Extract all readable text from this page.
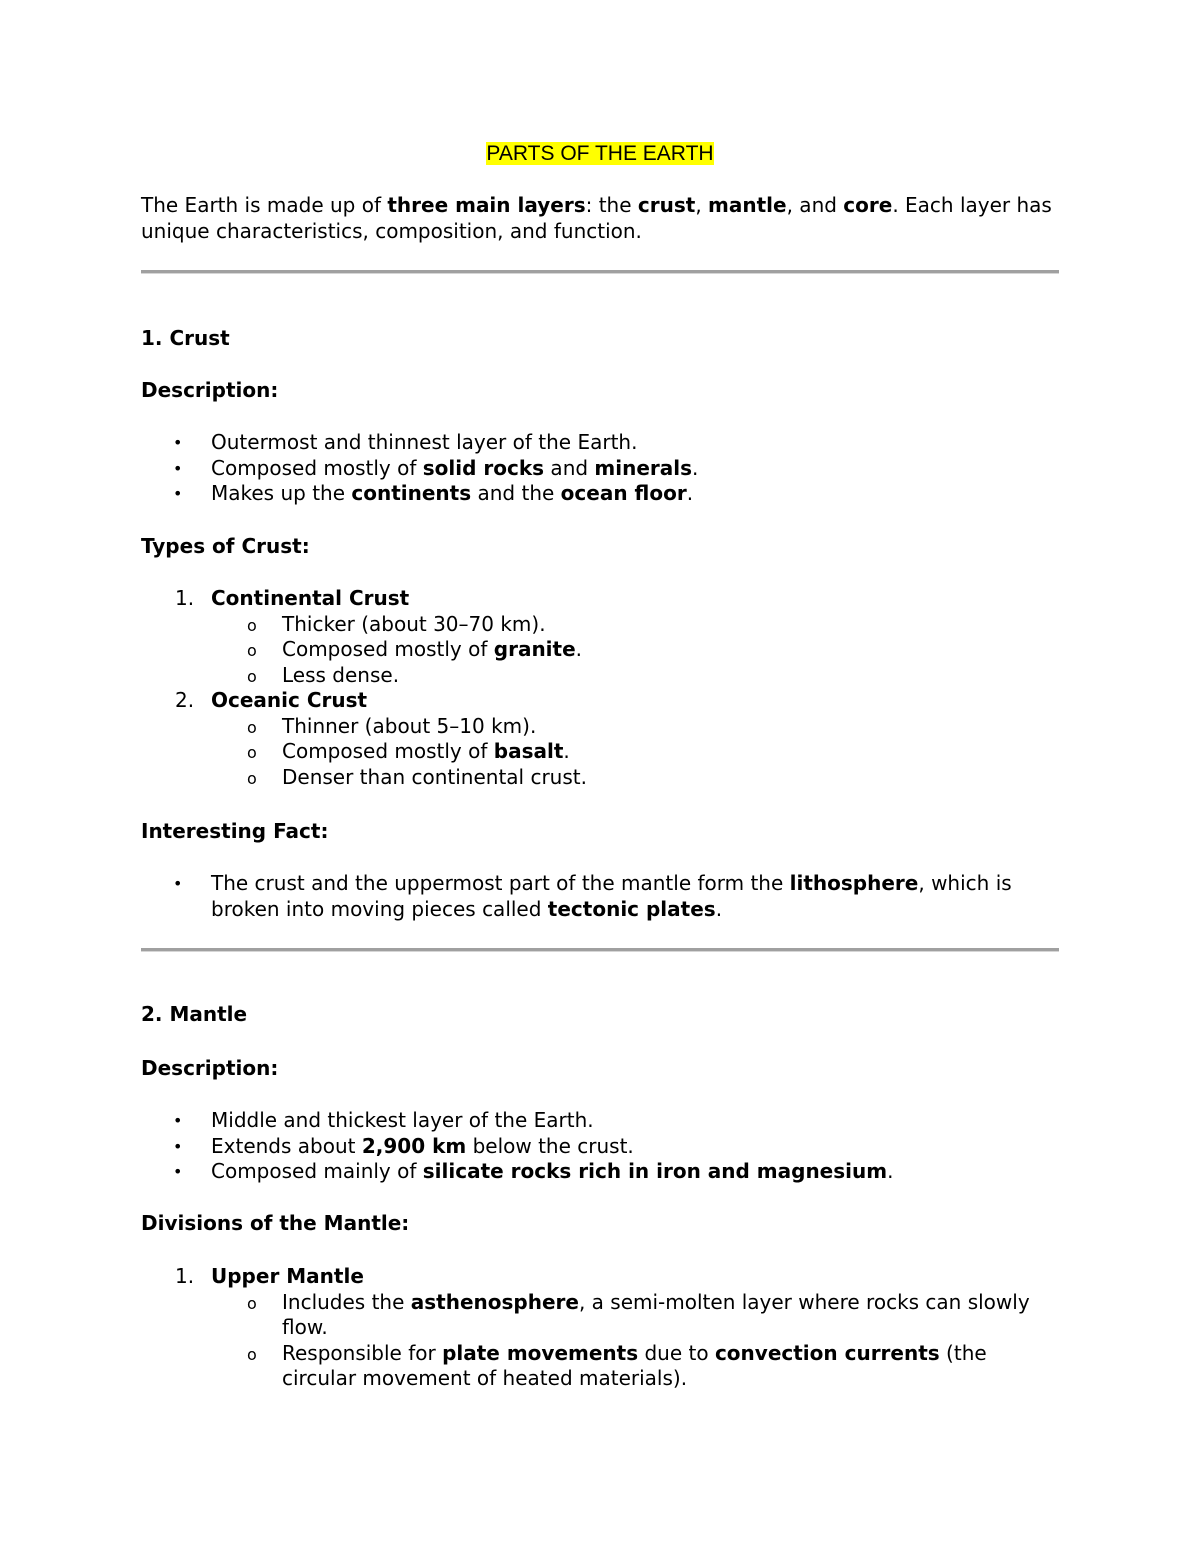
PARTS OF THE EARTH
The Earth is made up of three main layers: the crust, mantle, and core. Each layer has unique characteristics, composition, and function.
1. Crust
Description:
• Outermost and thinnest layer of the Earth.
• Composed mostly of solid rocks and minerals.
• Makes up the continents and the ocean floor.
Types of Crust:
1. Continental Crust
o Thicker (about 30–70 km).
o Composed mostly of granite.
o Less dense.
2. Oceanic Crust
o Thinner (about 5–10 km).
o Composed mostly of basalt.
o Denser than continental crust.
Interesting Fact:
• The crust and the uppermost part of the mantle form the lithosphere, which is broken into moving pieces called tectonic plates.
2. Mantle
Description:
• Middle and thickest layer of the Earth.
• Extends about 2,900 km below the crust.
• Composed mainly of silicate rocks rich in iron and magnesium.
Divisions of the Mantle:
1. Upper Mantle
o Includes the asthenosphere, a semi-molten layer where rocks can slowly flow.
o Responsible for plate movements due to convection currents (the circular movement of heated materials).
